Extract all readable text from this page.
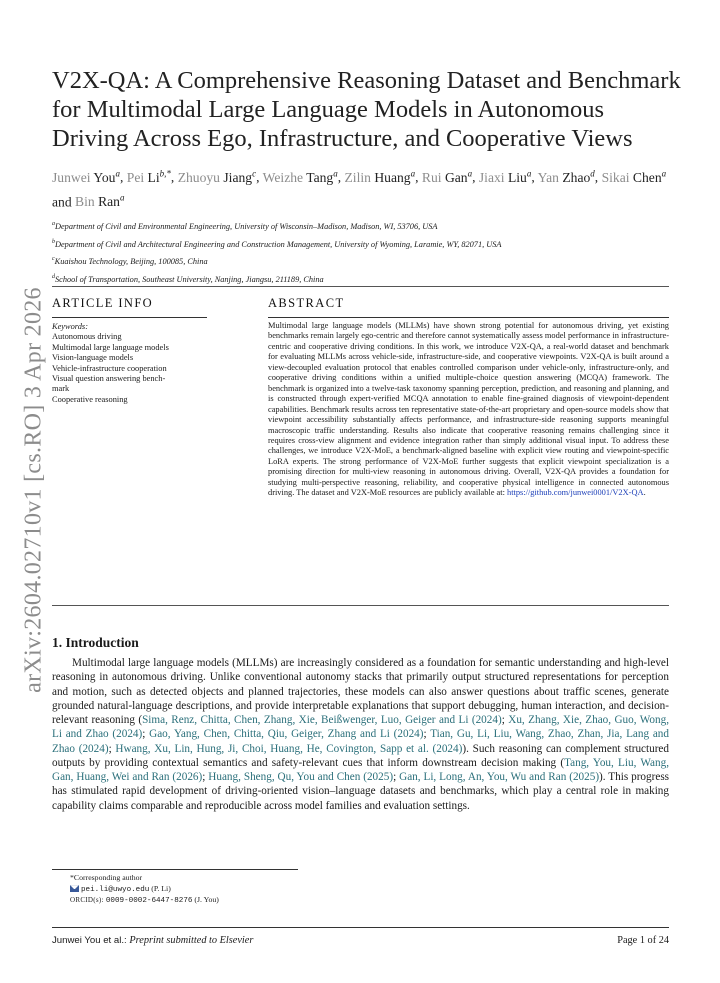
arXiv:2604.02710v1 [cs.RO] 3 Apr 2026
V2X-QA: A Comprehensive Reasoning Dataset and Benchmark for Multimodal Large Language Models in Autonomous Driving Across Ego, Infrastructure, and Cooperative Views
Junwei You$^a$, Pei $Li^{b,*}$, Zhuoyu Jiang$^c$, Weizhe Tang$^a$, Zilin Huang$^a$, Rui Gan$^a$, Jiaxi Liu$^a$, Yan Zhao$^d$, Sikai Chen$^a$ and Bin Ran$^a$
$^a$Department of Civil and Environmental Engineering, University of Wisconsin–Madison, Madison, WI, 53706, USA
$^b$Department of Civil and Architectural Engineering and Construction Management, University of Wyoming, Laramie, WY, 82071, USA
$^c$Kuaishou Technology, Beijing, 100085, China
$^d$School of Transportation, Southeast University, Nanjing, Jiangsu, 211189, China
ARTICLE INFO	ABSTRACT
Keywords:
Autonomous driving
Multimodal large language models
Vision-language models
Vehicle-infrastructure cooperation
Visual question answering bench-
mark
Cooperative reasoning
Multimodal large language models (MLLMs) have shown strong potential for autonomous driving, yet existing benchmarks remain largely ego-centric and therefore cannot systematically assess model performance in infrastructure-centric and cooperative driving conditions. In this work, we introduce V2X-QA, a real-world dataset and benchmark for evaluating MLLMs across vehicle-side, infrastructure-side, and cooperative viewpoints. V2X-QA is built around a view-decoupled evaluation protocol that enables controlled comparison under vehicle-only, infrastructure-only, and cooperative driving conditions within a unified multiple-choice question answering (MCQA) framework. The benchmark is organized into a twelve-task taxonomy spanning perception, prediction, and reasoning and planning, and is constructed through expert-verified MCQA annotation to enable fine-grained diagnosis of viewpoint-dependent capabilities. Benchmark results across ten representative state-of-the-art proprietary and open-source models show that viewpoint accessibility substantially affects performance, and infrastructure-side reasoning supports meaningful macroscopic traffic understanding. Results also indicate that cooperative reasoning remains challenging since it requires cross-view alignment and evidence integration rather than simply additional visual input. To address these challenges, we introduce V2X-MoE, a benchmark-aligned baseline with explicit view routing and viewpoint-specific LoRA experts. The strong performance of V2X-MoE further suggests that explicit viewpoint specialization is a promising direction for multi-view reasoning in autonomous driving. Overall, V2X-QA provides a foundation for studying multi-perspective reasoning, reliability, and cooperative physical intelligence in connected autonomous driving. The dataset and V2X-MoE resources are publicly available at: https://github.com/junwei0001/V2X-QA.
1. Introduction
Multimodal large language models (MLLMs) are increasingly considered as a foundation for semantic understanding and high-level reasoning in autonomous driving. Unlike conventional autonomy stacks that primarily output structured representations for perception and motion, such as detected objects and planned trajectories, these models can also answer questions about traffic scenes, generate grounded natural-language descriptions, and provide interpretable explanations that support debugging, human interaction, and decision-relevant reasoning (Sima, Renz, Chitta, Chen, Zhang, Xie, Beißwenger, Luo, Geiger and Li (2024); Xu, Zhang, Xie, Zhao, Guo, Wong, Li and Zhao (2024); Gao, Yang, Chen, Chitta, Qiu, Geiger, Zhang and Li (2024); Tian, Gu, Li, Liu, Wang, Zhao, Zhan, Jia, Lang and Zhao (2024); Hwang, Xu, Lin, Hung, Ji, Choi, Huang, He, Covington, Sapp et al. (2024)). Such reasoning can complement structured outputs by providing contextual semantics and safety-relevant cues that inform downstream decision making (Tang, You, Liu, Wang, Gan, Huang, Wei and Ran (2026); Huang, Sheng, Qu, You and Chen (2025); Gan, Li, Long, An, You, Wu and Ran (2025)). This progress has stimulated rapid development of driving-oriented vision–language datasets and benchmarks, which play a central role in making capability claims comparable and reproducible across model families and evaluation settings.
*Corresponding author
pei.li@uwyo.edu (P. Li)
ORCID(s): 0009-0002-6447-8276 (J. You)
Junwei You et al.: Preprint submitted to Elsevier	Page 1 of 24
